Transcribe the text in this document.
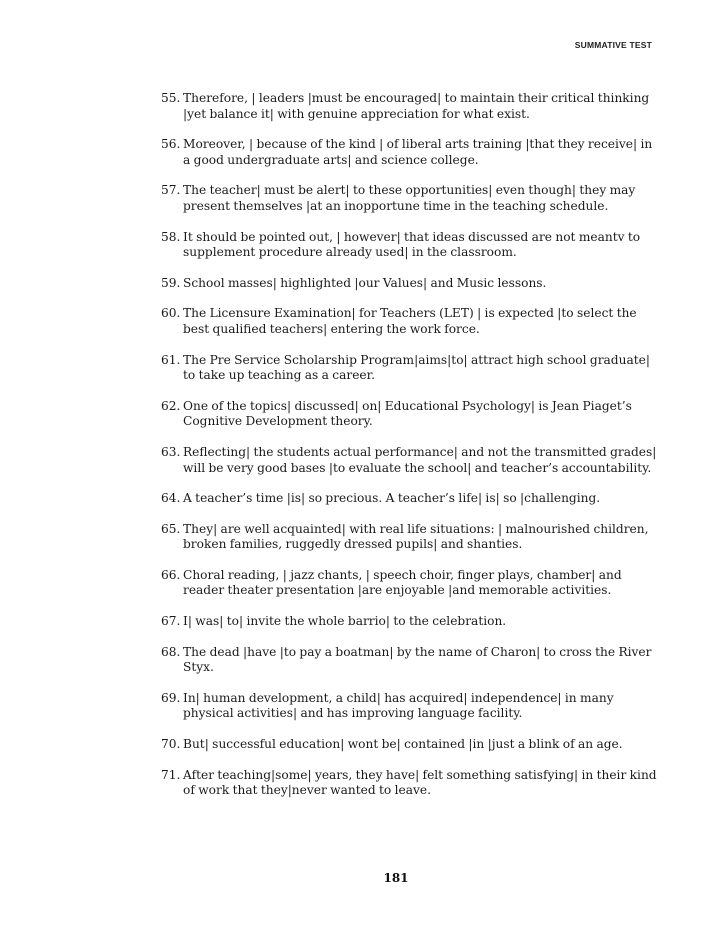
SUMMATIVE TEST
55. Therefore, | leaders |must be encouraged| to maintain their critical thinking |yet balance it| with genuine appreciation for what exist.
56. Moreover, | because of the kind | of liberal arts training |that they receive| in a good undergraduate arts| and science college.
57. The teacher| must be alert| to these opportunities| even though| they may present themselves |at an inopportune time in the teaching schedule.
58. It should be pointed out, | however| that ideas discussed are not meantv to supplement procedure already used| in the classroom.
59. School masses| highlighted |our Values| and Music lessons.
60. The Licensure Examination| for Teachers (LET) | is expected |to select the best qualified teachers| entering the work force.
61. The Pre Service Scholarship Program|aims|to| attract high school graduate| to take up teaching as a career.
62. One of the topics| discussed| on| Educational Psychology| is Jean Piaget’s Cognitive Development theory.
63. Reflecting| the students actual performance| and not the transmitted grades| will be very good bases |to evaluate the school| and teacher’s accountability.
64. A teacher’s time |is| so precious. A teacher’s life| is| so |challenging.
65. They| are well acquainted| with real life situations: | malnourished children, broken families, ruggedly dressed pupils| and shanties.
66. Choral reading, | jazz chants, | speech choir, finger plays, chamber| and reader theater presentation |are enjoyable |and memorable activities.
67. I| was| to| invite the whole barrio| to the celebration.
68. The dead |have |to pay a boatman| by the name of Charon| to cross the River Styx.
69. In| human development, a child| has acquired| independence| in many physical activities| and has improving language facility.
70. But| successful education| wont be| contained |in |just a blink of an age.
71. After teaching|some| years, they have| felt something satisfying| in their kind of work that they|never wanted to leave.
181
